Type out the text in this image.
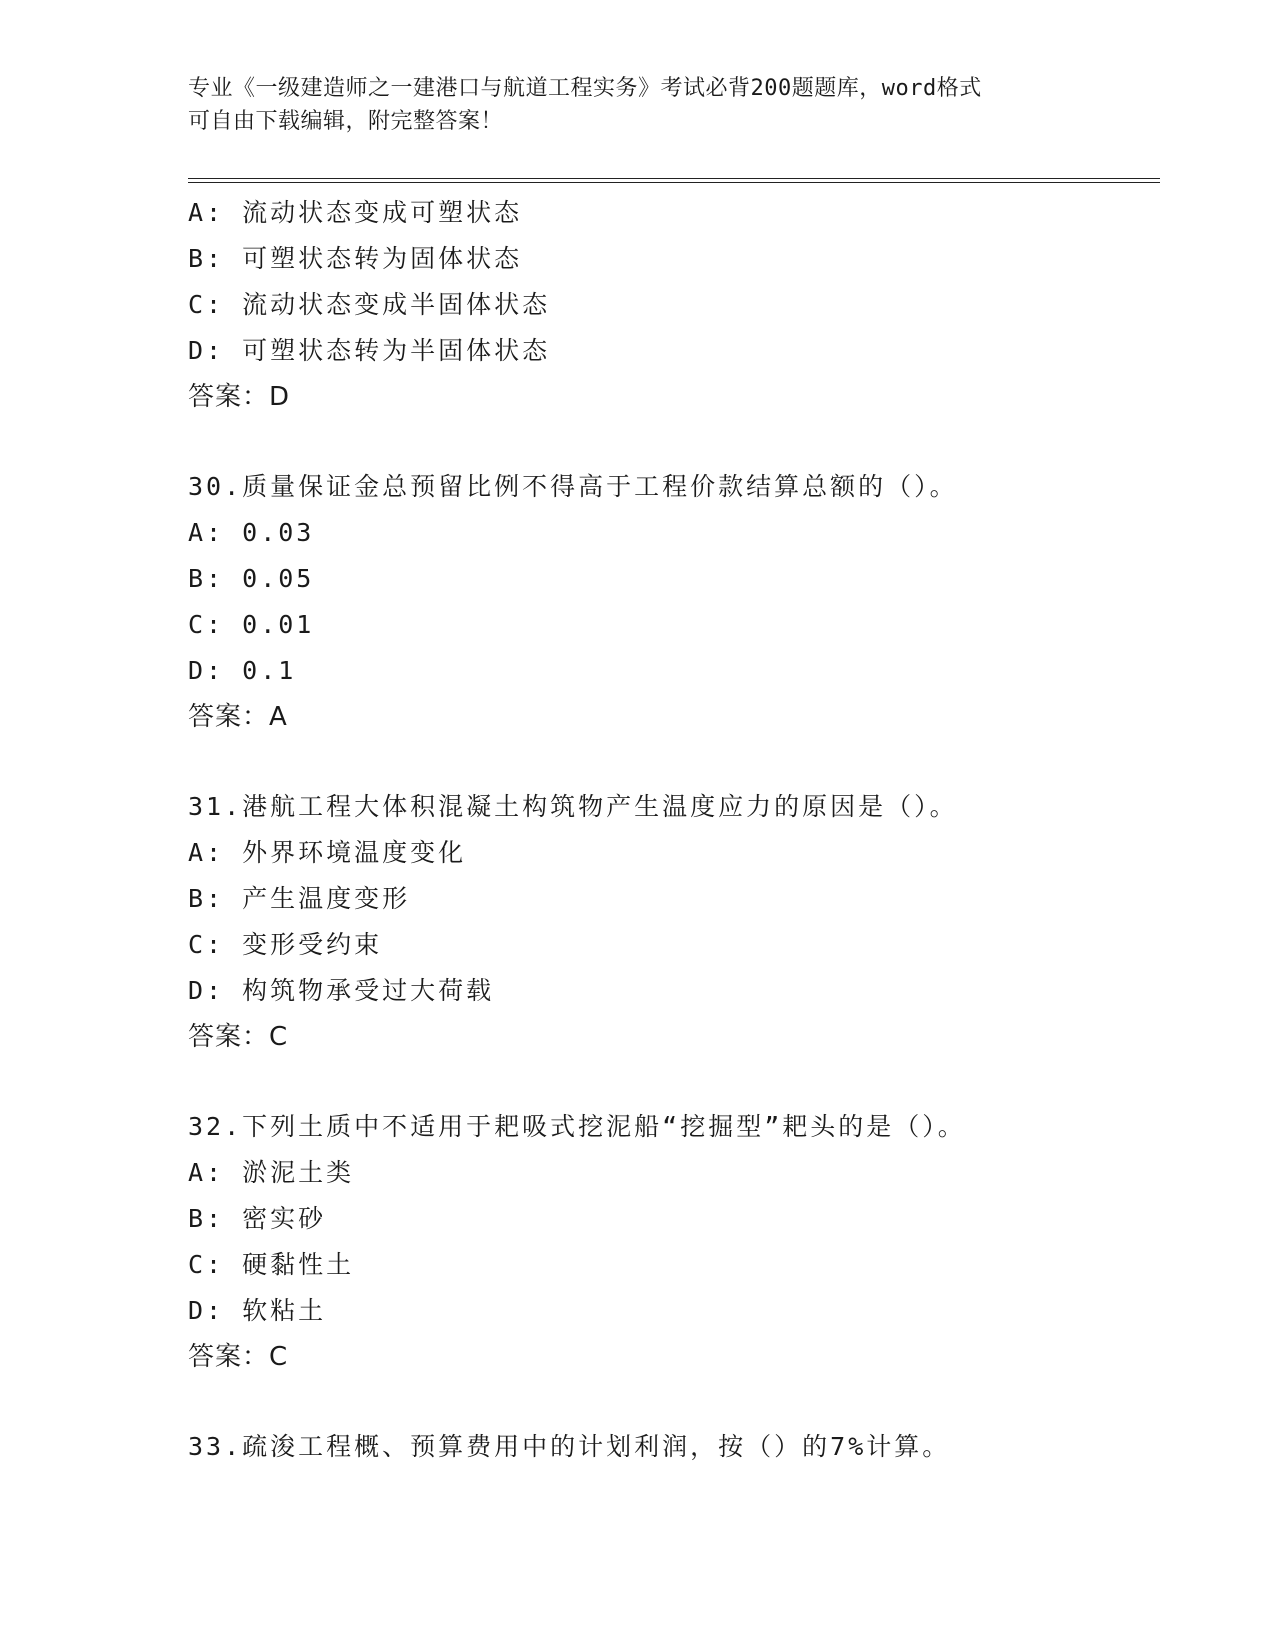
专业《一级建造师之一建港口与航道工程实务》考试必背200题题库，word格式
可自由下载编辑，附完整答案！
A: 流动状态变成可塑状态
B: 可塑状态转为固体状态
C: 流动状态变成半固体状态
D: 可塑状态转为半固体状态
答案：D
30.质量保证金总预留比例不得高于工程价款结算总额的（）。
A: 0.03
B: 0.05
C: 0.01
D: 0.1
答案：A
31.港航工程大体积混凝土构筑物产生温度应力的原因是（）。
A: 外界环境温度变化
B: 产生温度变形
C: 变形受约束
D: 构筑物承受过大荷载
答案：C
32.下列土质中不适用于耙吸式挖泥船“挖掘型”耙头的是（）。
A: 淤泥土类
B: 密实砂
C: 硬黏性土
D: 软粘土
答案：C
33.疏浚工程概、预算费用中的计划利润，按（）的7%计算。
